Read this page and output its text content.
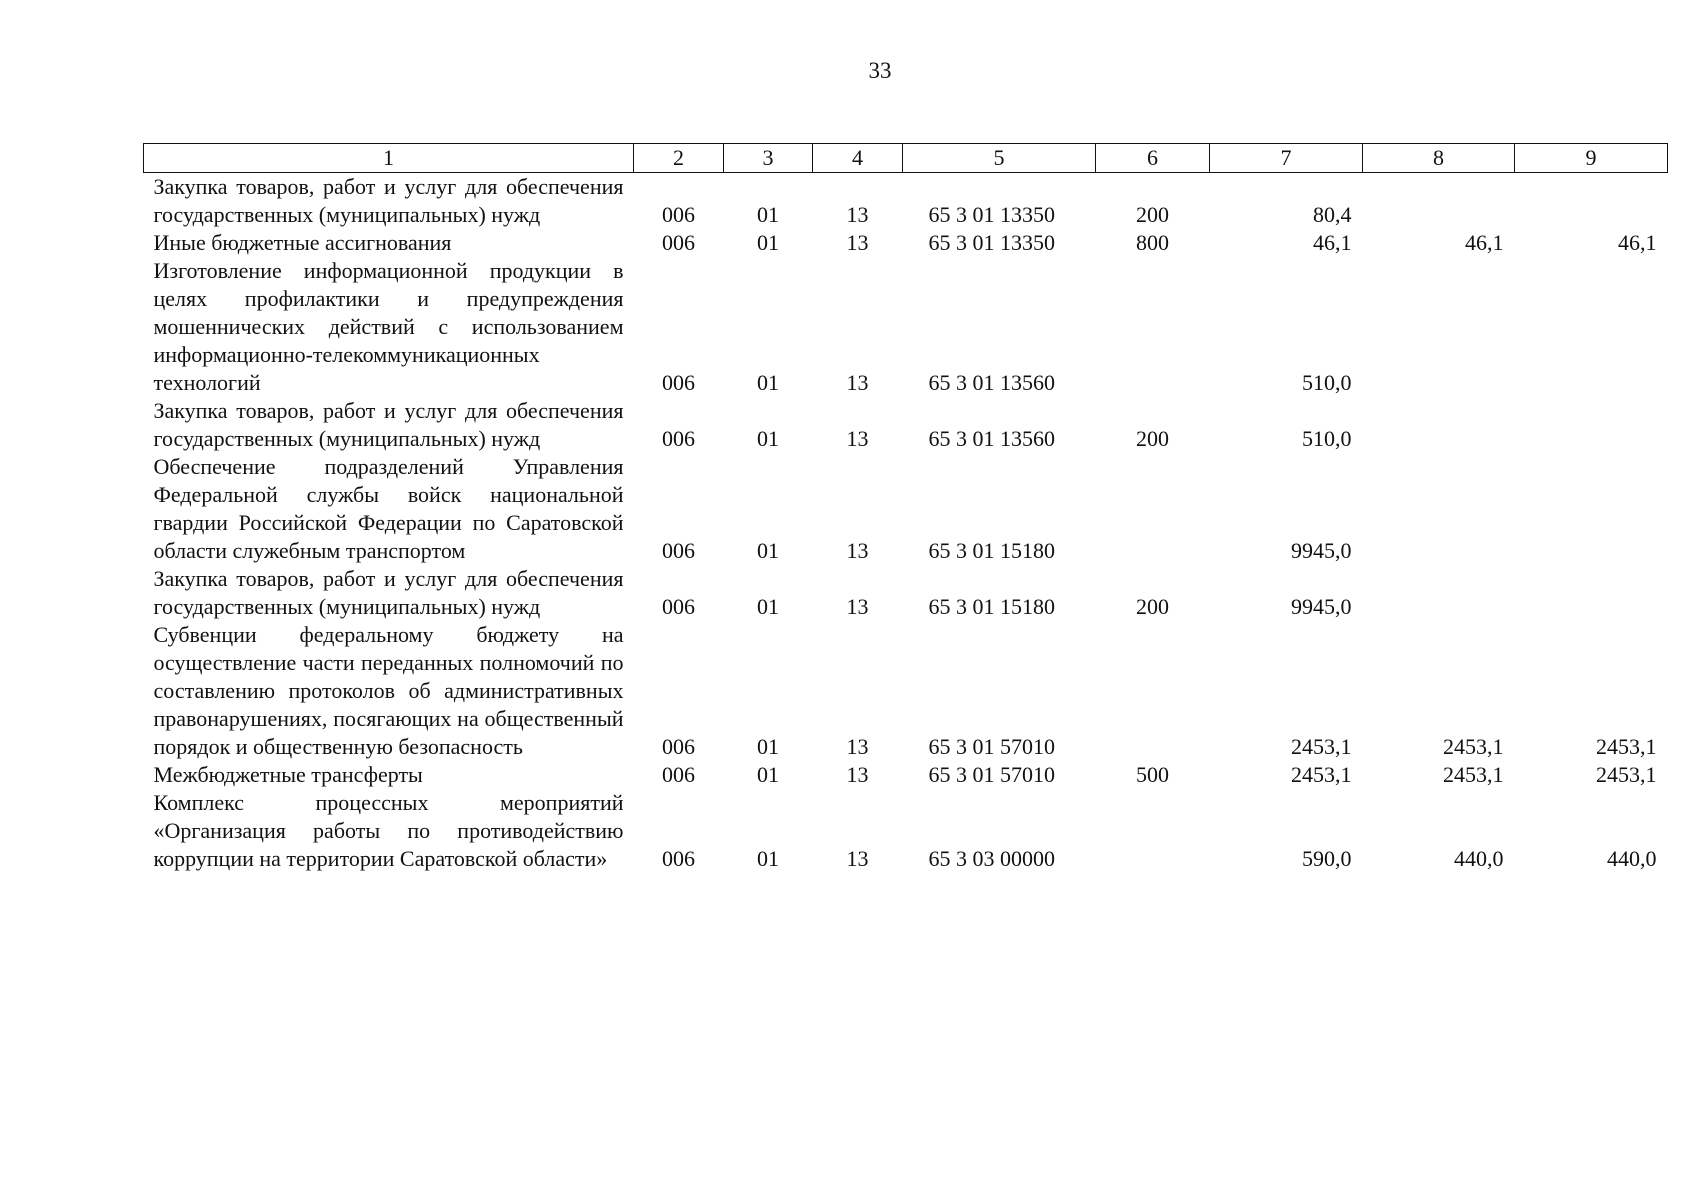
33
1	2	3	4	5	6	7	8	9
Закупка товаров, работ и услуг для обеспечения государственных (муниципальных) нужд	006	01	13	65 3 01 13350	200	80,4		
Иные бюджетные ассигнования	006	01	13	65 3 01 13350	800	46,1	46,1	46,1
Изготовление информационной продукции в целях профилактики и предупреждения мошеннических действий с использованием информационно-телекоммуникационных технологий	006	01	13	65 3 01 13560		510,0		
Закупка товаров, работ и услуг для обеспечения государственных (муниципальных) нужд	006	01	13	65 3 01 13560	200	510,0		
Обеспечение подразделений Управления Федеральной службы войск национальной гвардии Российской Федерации по Саратовской области служебным транспортом	006	01	13	65 3 01 15180		9945,0		
Закупка товаров, работ и услуг для обеспечения государственных (муниципальных) нужд	006	01	13	65 3 01 15180	200	9945,0		
Субвенции федеральному бюджету на осуществление части переданных полномочий по составлению протоколов об административных правонарушениях, посягающих на общественный порядок и общественную безопасность	006	01	13	65 3 01 57010		2453,1	2453,1	2453,1
Межбюджетные трансферты	006	01	13	65 3 01 57010	500	2453,1	2453,1	2453,1
Комплекс процессных мероприятий «Организация работы по противодействию коррупции на территории Саратовской области»	006	01	13	65 3 03 00000		590,0	440,0	440,0
